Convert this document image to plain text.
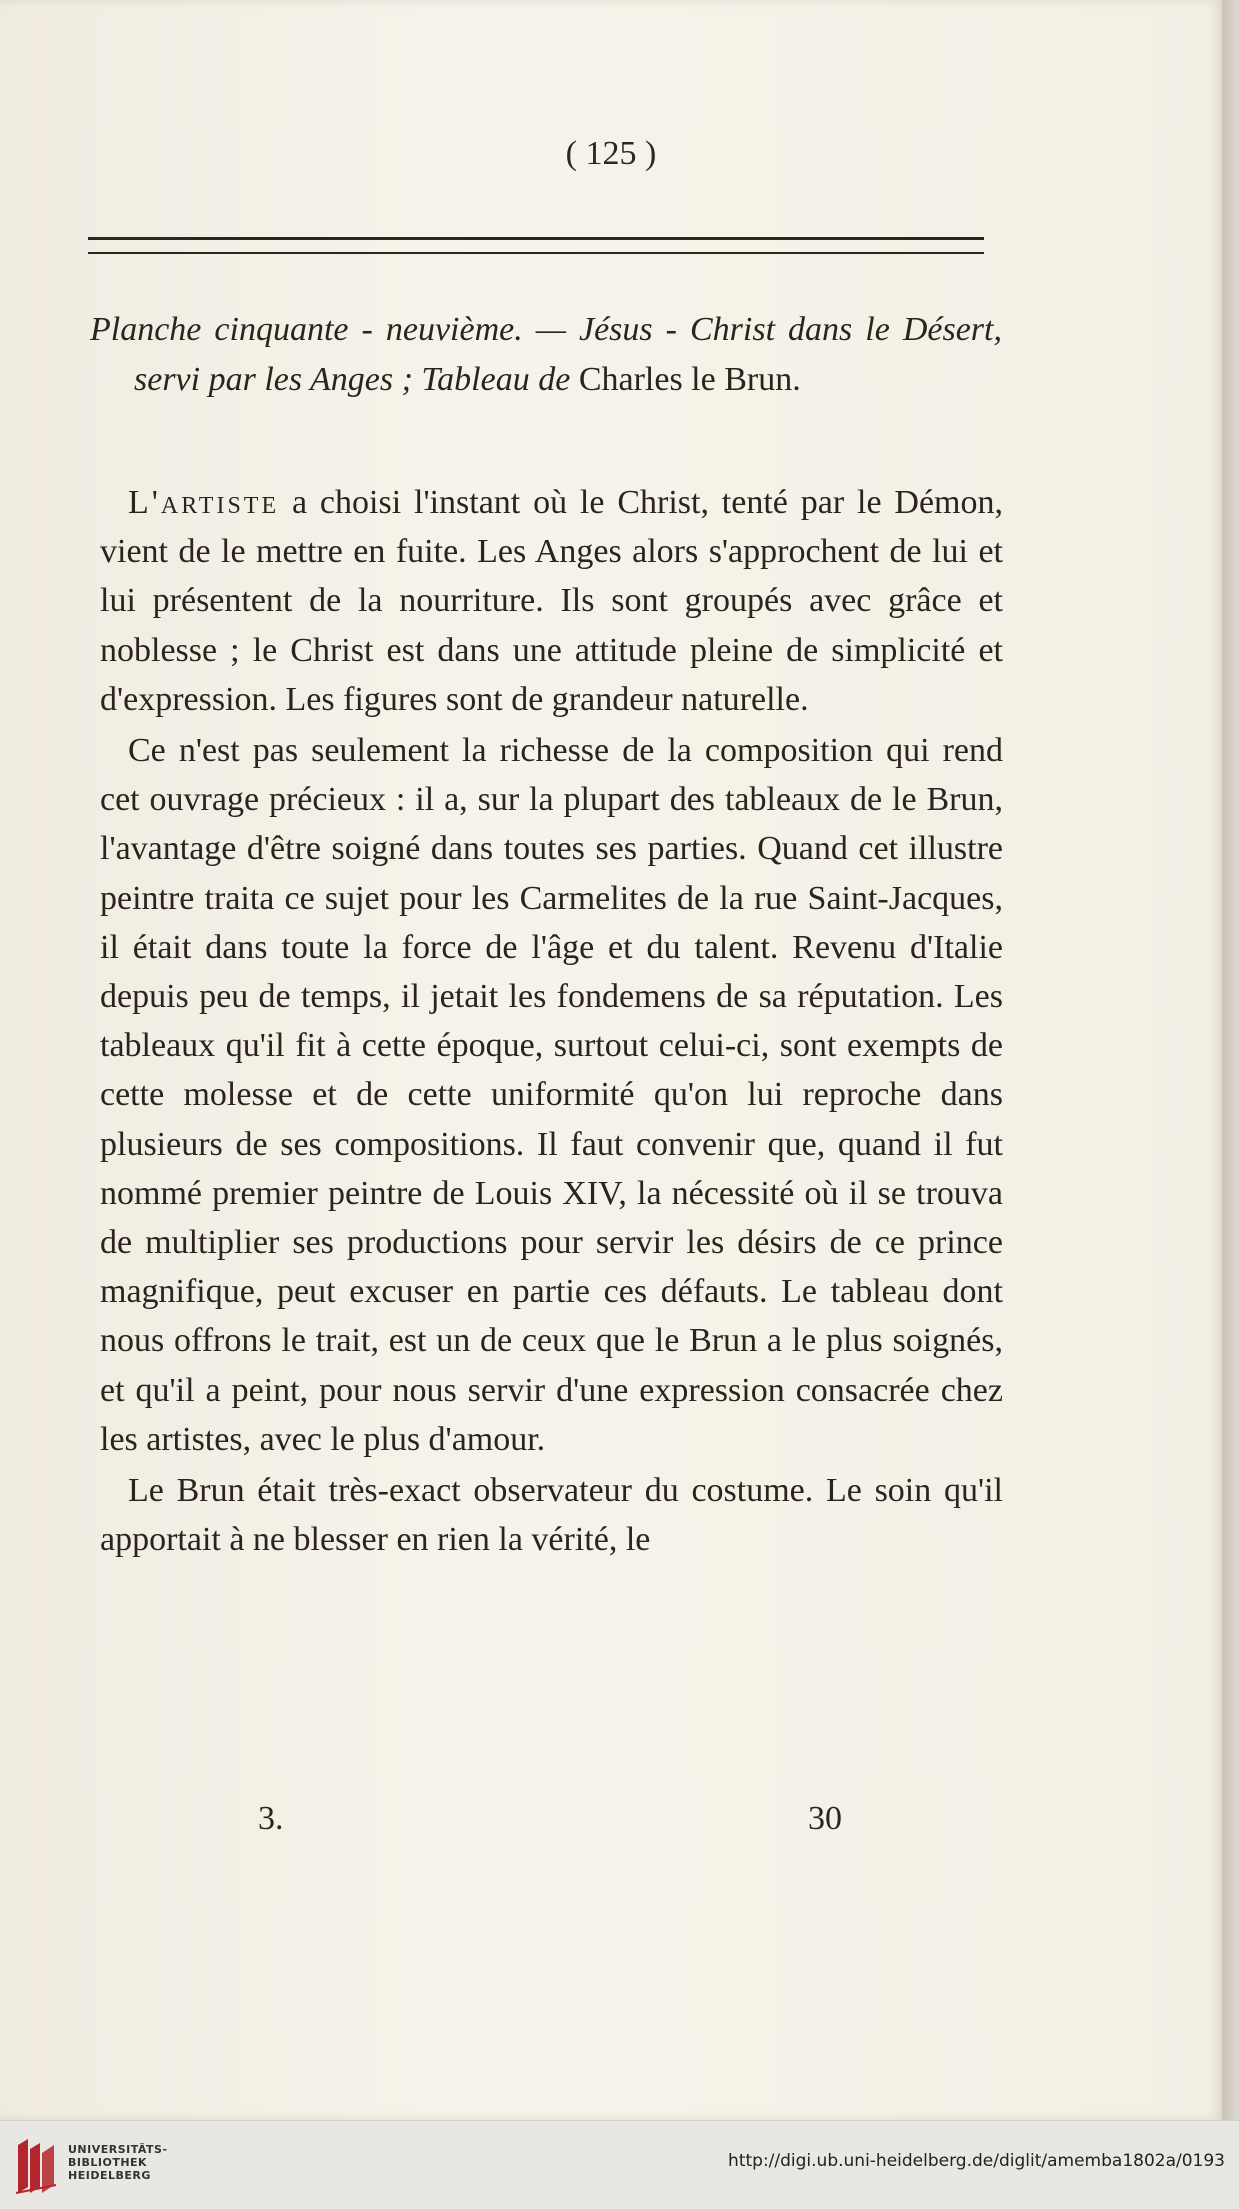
( 125 )

Planche cinquante - neuvième. — Jésus - Christ dans le Désert, servi par les Anges ; Tableau de Charles le Brun.

L'artiste a choisi l'instant où le Christ, tenté par le Démon, vient de le mettre en fuite. Les Anges alors s'approchent de lui et lui présentent de la nourriture. Ils sont groupés avec grâce et noblesse ; le Christ est dans une attitude pleine de simplicité et d'expression. Les figures sont de grandeur naturelle.

Ce n'est pas seulement la richesse de la composition qui rend cet ouvrage précieux : il a, sur la plupart des tableaux de le Brun, l'avantage d'être soigné dans toutes ses parties. Quand cet illustre peintre traita ce sujet pour les Carmelites de la rue Saint-Jacques, il était dans toute la force de l'âge et du talent. Revenu d'Italie depuis peu de temps, il jetait les fondemens de sa réputation. Les tableaux qu'il fit à cette époque, surtout celui-ci, sont exempts de cette molesse et de cette uniformité qu'on lui reproche dans plusieurs de ses compositions. Il faut convenir que, quand il fut nommé premier peintre de Louis XIV, la nécessité où il se trouva de multiplier ses productions pour servir les désirs de ce prince magnifique, peut excuser en partie ces défauts. Le tableau dont nous offrons le trait, est un de ceux que le Brun a le plus soignés, et qu'il a peint, pour nous servir d'une expression consacrée chez les artistes, avec le plus d'amour.

Le Brun était très-exact observateur du costume. Le soin qu'il apportait à ne blesser en rien la vérité, le

3.	30
UNIVERSITÄTS-
BIBLIOTHEK
HEIDELBERG
http://digi.ub.uni-heidelberg.de/diglit/amemba1802a/0193
